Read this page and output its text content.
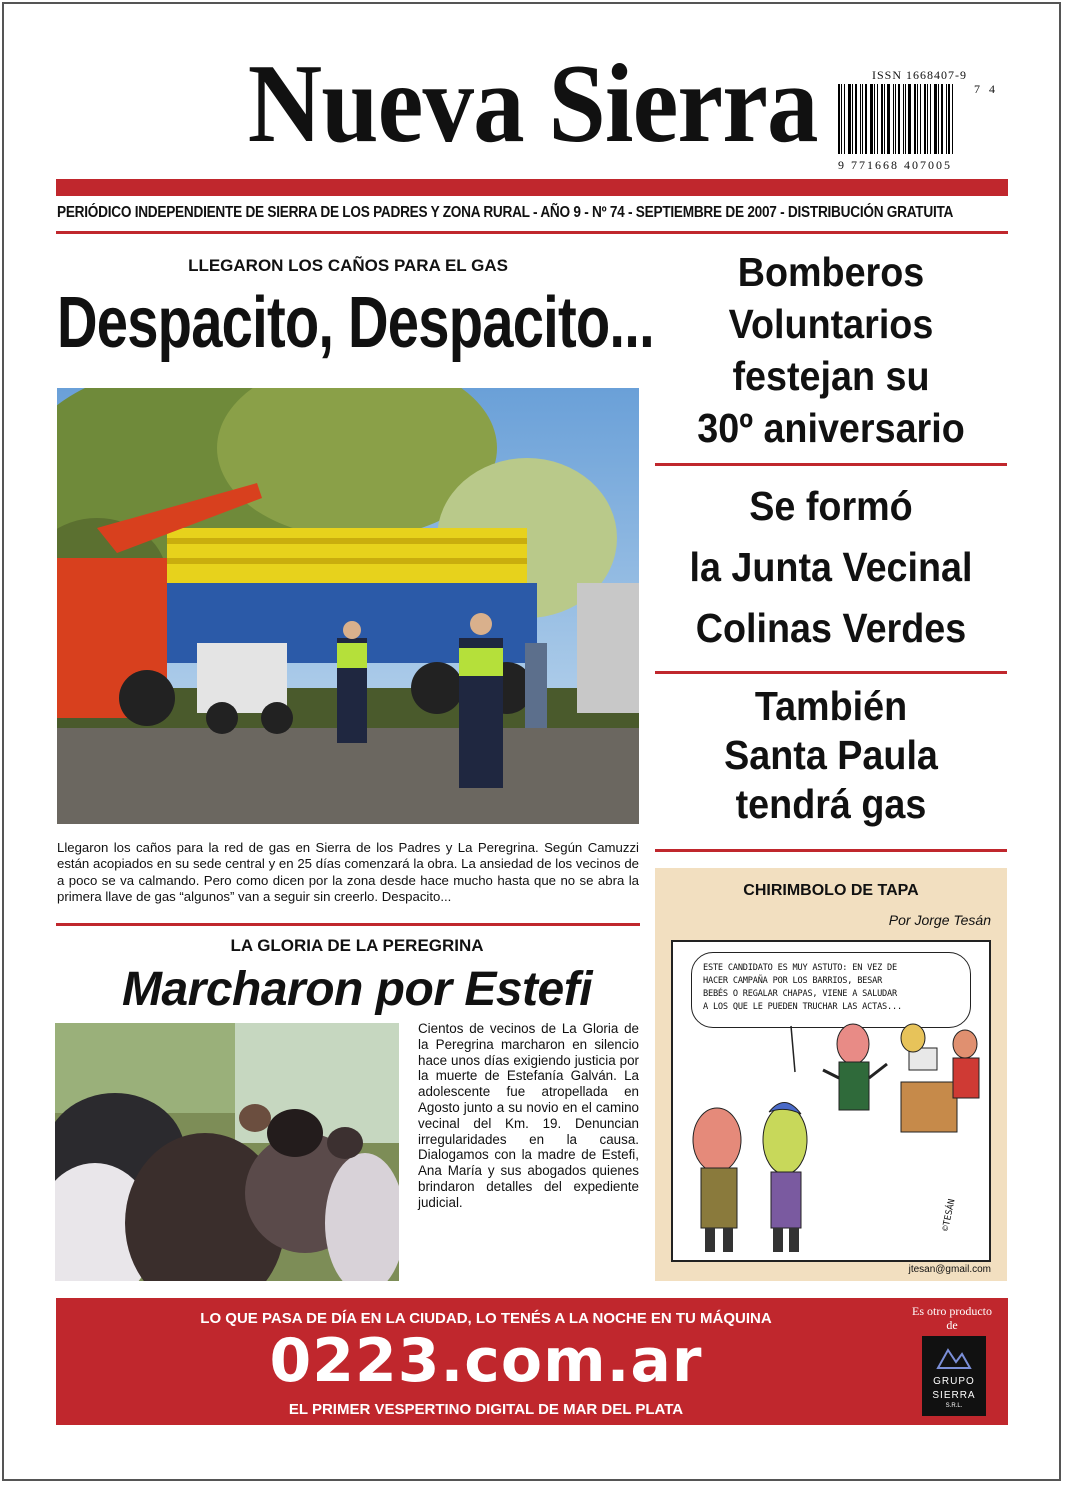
Nueva Sierra	ISSN 1668407-9
7 4
9 771668 407005
PERIÓDICO INDEPENDIENTE DE SIERRA DE LOS PADRES Y ZONA RURAL - AÑO 9 - Nº 74 - SEPTIEMBRE DE 2007 - DISTRIBUCIÓN GRATUITA
LLEGARON LOS CAÑOS PARA EL GAS
Despacito, Despacito...
Llegaron los caños para la red de gas en Sierra de los Padres y La Peregrina. Según Camuzzi están acopiados en su sede central y en 25 días comenzará la obra. La ansiedad de los vecinos de a poco se va calmando. Pero como dicen por la zona desde hace mucho hasta que no se abra la primera llave de gas “algunos” van a seguir sin creerlo. Despacito...
Bomberos
Voluntarios
festejan su
30º aniversario
Se formó
la Junta Vecinal
Colinas Verdes
También
Santa Paula
tendrá gas
LA GLORIA DE LA PEREGRINA
Marcharon por Estefi
Cientos de vecinos de La Gloria de la Peregrina marcharon en silencio hace unos días exigiendo justicia por la muerte de Estefanía Galván. La adolescente fue atropellada en Agosto junto a su novio en el camino vecinal del Km. 19. Denuncian irregularidades en la causa. Dialogamos con la madre de Estefi, Ana María y sus abogados quienes brindaron detalles del expediente judicial.
CHIRIMBOLO DE TAPA
Por Jorge Tesán
ESTE CANDIDATO ES MUY ASTUTO: EN VEZ DE
HACER CAMPAÑA POR LOS BARRIOS, BESAR
BEBÉS O REGALAR CHAPAS, VIENE A SALUDAR
A LOS QUE LE PUEDEN TRUCHAR LAS ACTAS...
©TESÁN
jtesan@gmail.com
LO QUE PASA DE DÍA EN LA CIUDAD, LO TENÉS A LA NOCHE EN TU MÁQUINA
0223.com.ar
EL PRIMER VESPERTINO DIGITAL DE MAR DEL PLATA
Es otro producto de
GRUPO
SIERRA
S.R.L.
